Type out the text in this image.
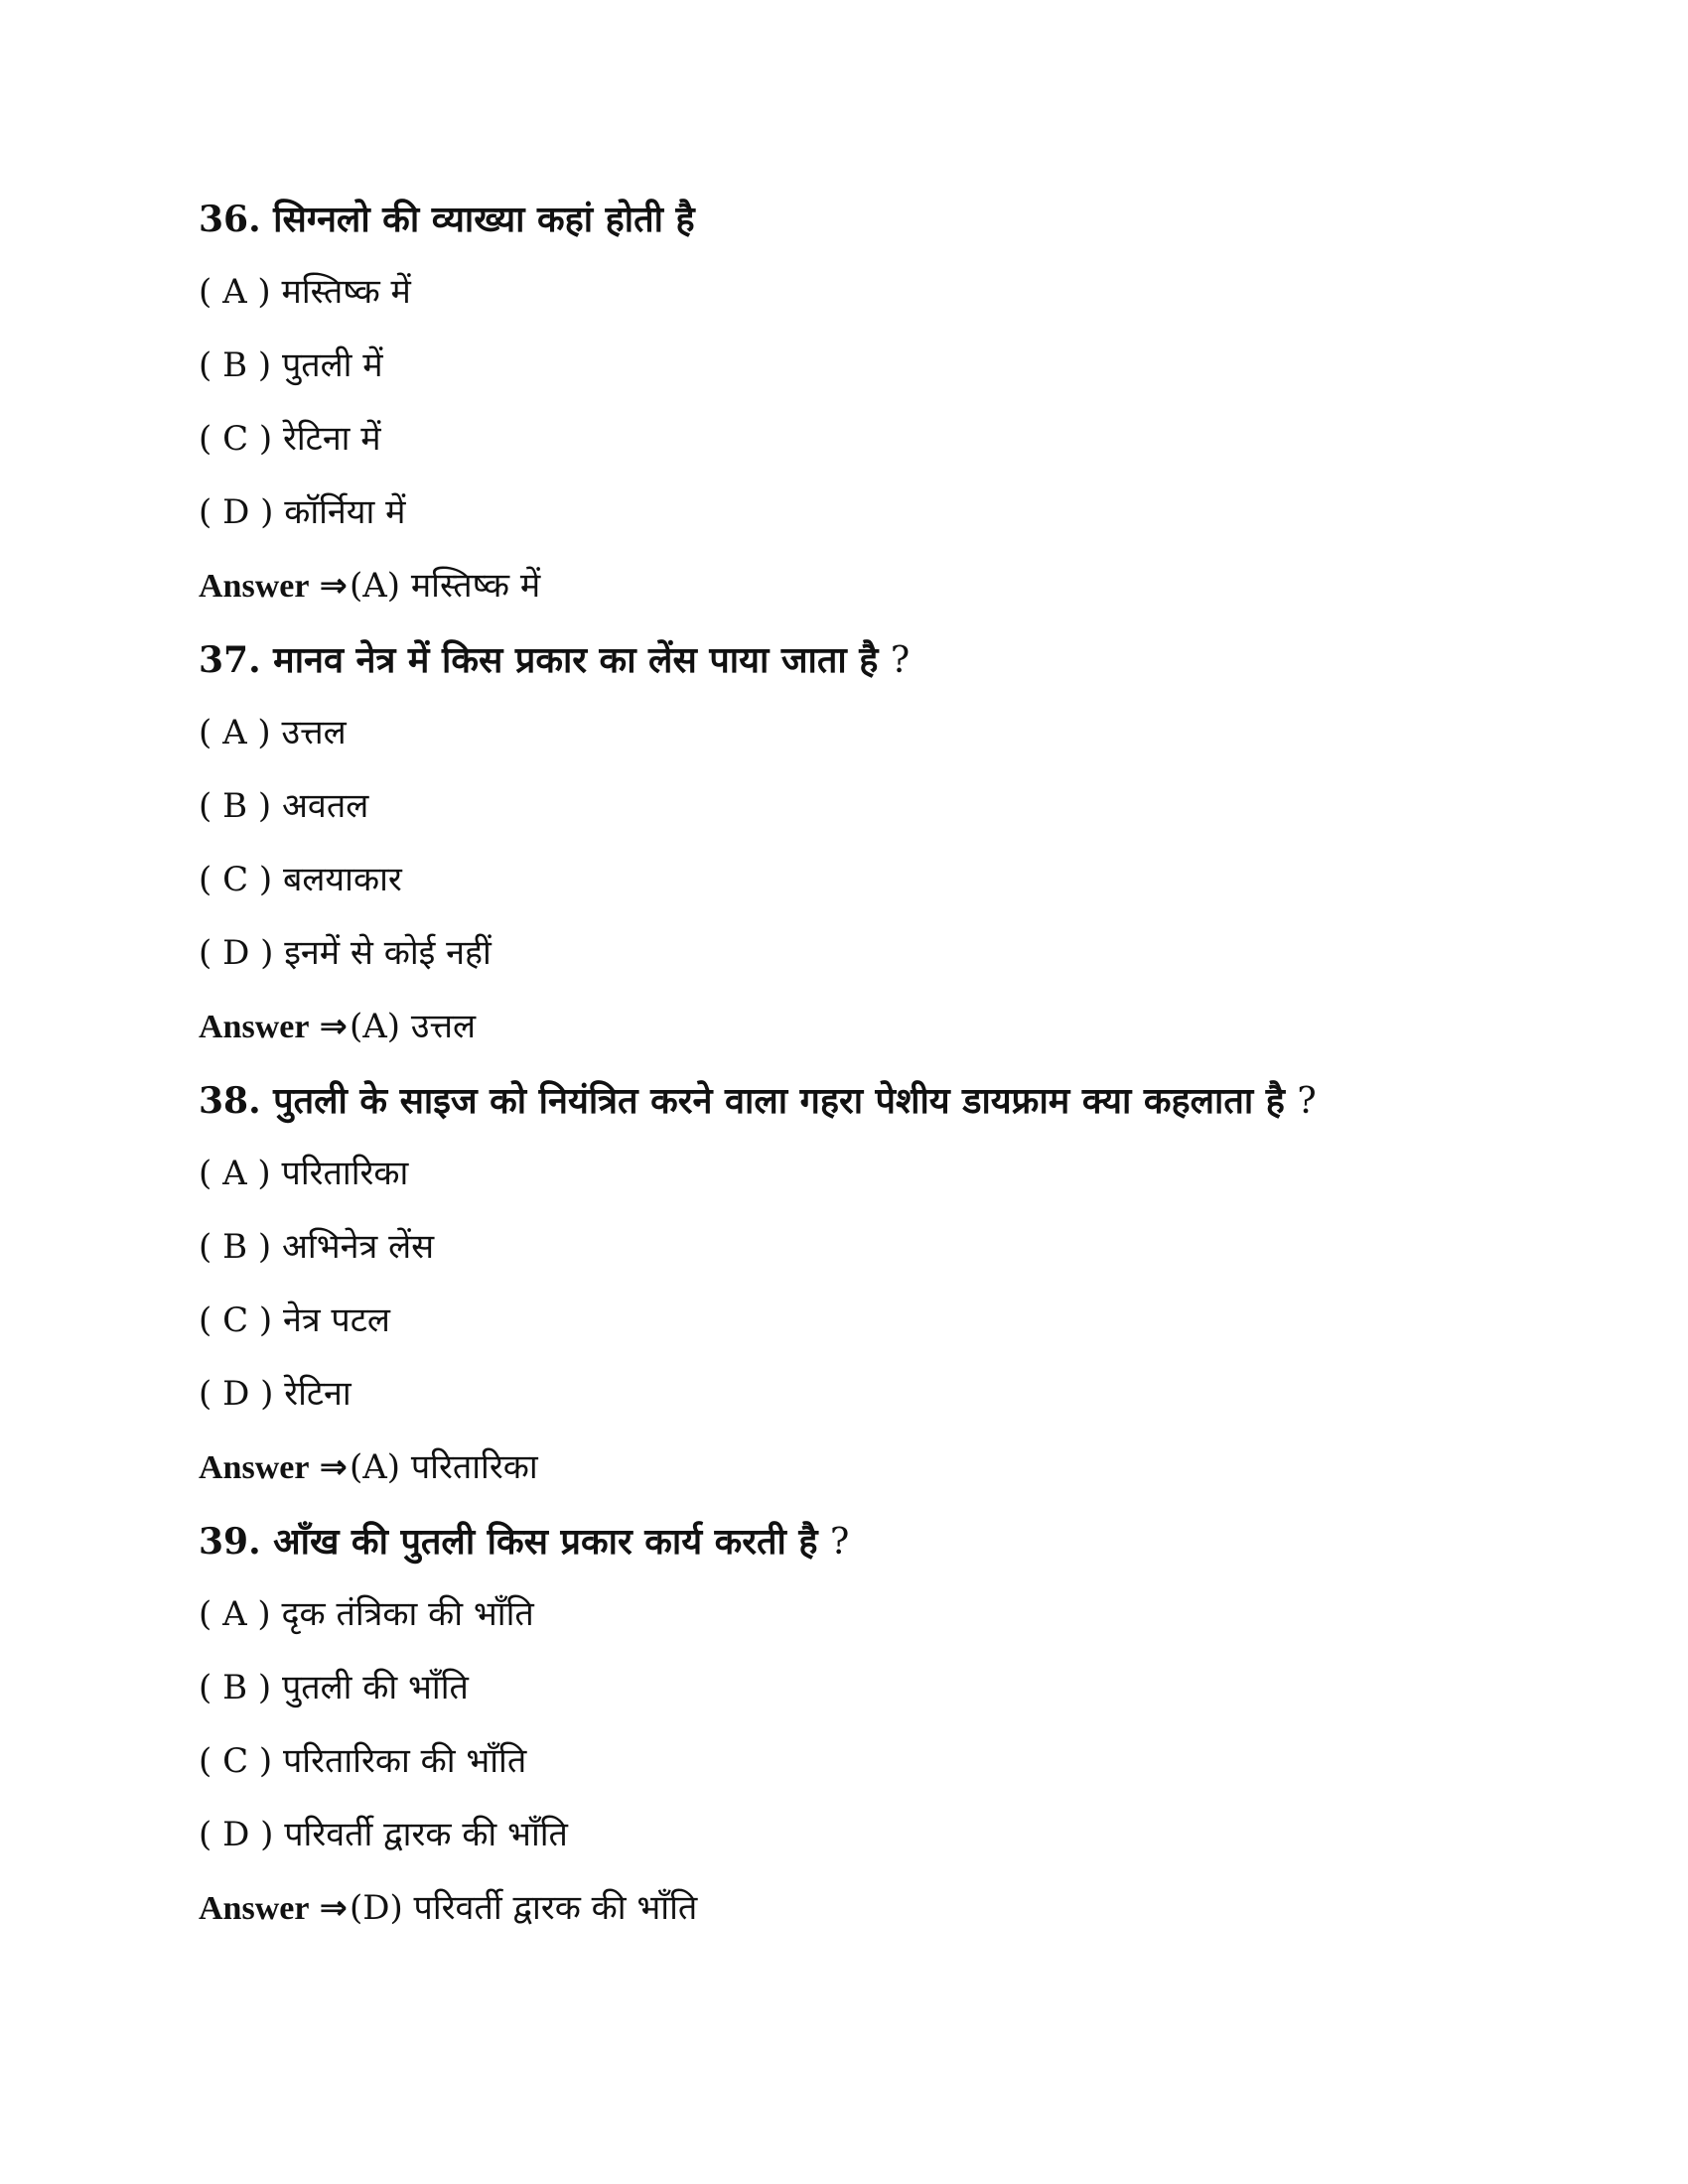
36. सिग्नलो की व्याख्या कहां होती है
( A ) मस्तिष्क में
( B ) पुतली में
( C ) रेटिना में
( D ) कॉर्निया में
Answer ⇒(A) मस्तिष्क में
37. मानव नेत्र में किस प्रकार का लेंस पाया जाता है ?
( A ) उत्तल
( B ) अवतल
( C ) बलयाकार
( D ) इनमें से कोई नहीं
Answer ⇒(A) उत्तल
38. पुतली के साइज को नियंत्रित करने वाला गहरा पेशीय डायफ्राम क्या कहलाता है ?
( A ) परितारिका
( B ) अभिनेत्र लेंस
( C ) नेत्र पटल
( D ) रेटिना
Answer ⇒(A) परितारिका
39. आँख की पुतली किस प्रकार कार्य करती है ?
( A ) दृक तंत्रिका की भाँति
( B ) पुतली की भाँति
( C ) परितारिका की भाँति
( D ) परिवर्ती द्वारक की भाँति
Answer ⇒(D) परिवर्ती द्वारक की भाँति
